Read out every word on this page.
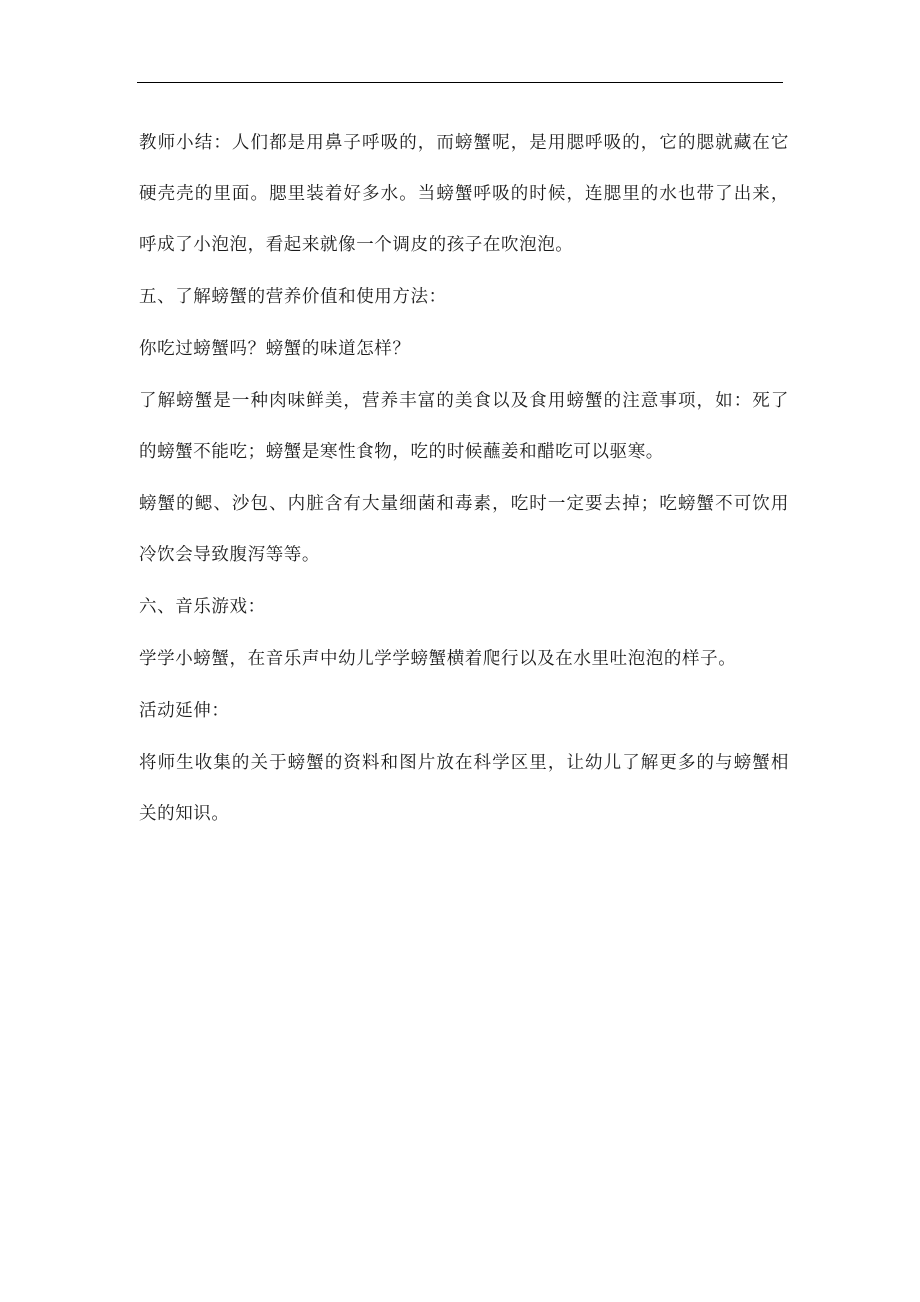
教师小结：人们都是用鼻子呼吸的，而螃蟹呢，是用腮呼吸的，它的腮就藏在它硬壳壳的里面。腮里装着好多水。当螃蟹呼吸的时候，连腮里的水也带了出来，呼成了小泡泡，看起来就像一个调皮的孩子在吹泡泡。

五、了解螃蟹的营养价值和使用方法：

你吃过螃蟹吗？螃蟹的味道怎样？

了解螃蟹是一种肉味鲜美，营养丰富的美食以及食用螃蟹的注意事项，如：死了的螃蟹不能吃；螃蟹是寒性食物，吃的时候蘸姜和醋吃可以驱寒。

螃蟹的鳃、沙包、内脏含有大量细菌和毒素，吃时一定要去掉；吃螃蟹不可饮用冷饮会导致腹泻等等。

六、音乐游戏：

学学小螃蟹，在音乐声中幼儿学学螃蟹横着爬行以及在水里吐泡泡的样子。

活动延伸：

将师生收集的关于螃蟹的资料和图片放在科学区里，让幼儿了解更多的与螃蟹相关的知识。
